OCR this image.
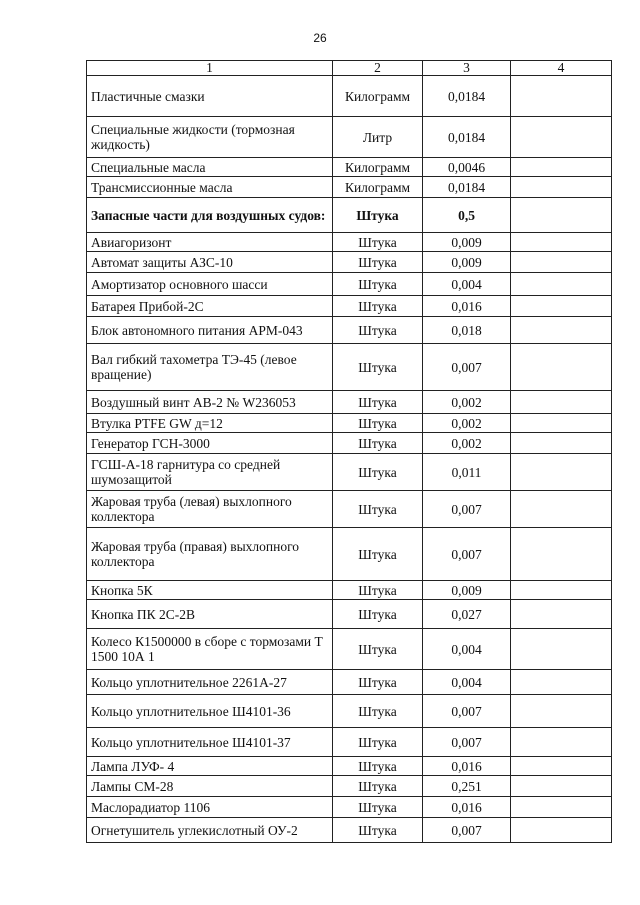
26
1	2	3	4
Пластичные смазки	Килограмм	0,0184	
Специальные жидкости (тормозная жидкость)	Литр	0,0184	
Специальные масла	Килограмм	0,0046	
Трансмиссионные масла	Килограмм	0,0184	
Запасные части для воздушных судов:	Штука	0,5	
Авиагоризонт	Штука	0,009	
Автомат защиты АЗС-10	Штука	0,009	
Амортизатор основного шасси	Штука	0,004	
Батарея Прибой-2С	Штука	0,016	
Блок автономного питания АРМ-043	Штука	0,018	
Вал гибкий тахометра ТЭ-45 (левое вращение)	Штука	0,007	
Воздушный винт АВ-2 № W236053	Штука	0,002	
Втулка PTFE GW д=12	Штука	0,002	
Генератор ГСН-3000	Штука	0,002	
ГСШ-А-18 гарнитура со средней шумозащитой	Штука	0,011	
Жаровая труба (левая) выхлопного коллектора	Штука	0,007	
Жаровая труба (правая) выхлопного коллектора	Штука	0,007	
Кнопка 5К	Штука	0,009	
Кнопка ПК 2С-2В	Штука	0,027	
Колесо К1500000 в сборе с тормозами Т 1500 10А 1	Штука	0,004	
Кольцо уплотнительное 2261А-27	Штука	0,004	
Кольцо уплотнительное Ш4101-36	Штука	0,007	
Кольцо уплотнительное Ш4101-37	Штука	0,007	
Лампа ЛУФ- 4	Штука	0,016	
Лампы СМ-28	Штука	0,251	
Маслорадиатор 1106	Штука	0,016	
Огнетушитель углекислотный ОУ-2	Штука	0,007	
